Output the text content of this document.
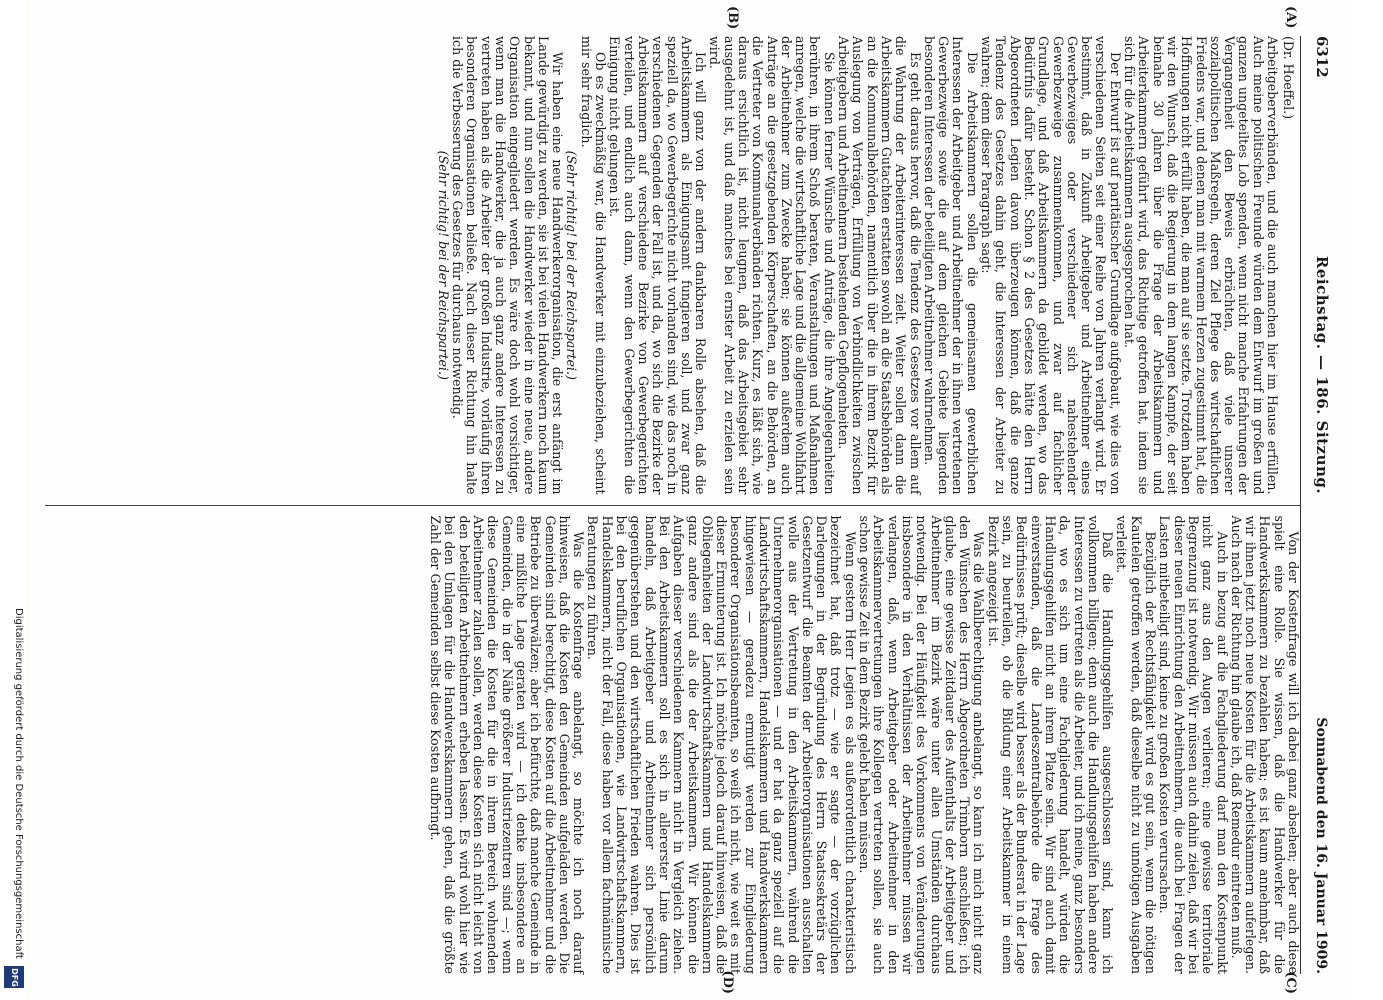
Digitalisierung gefördert durch die Deutsche Forschungsgemeinschaft
DFG
6312
Reichstag. — 186. Sitzung.
Sonnabend den 16. Januar 1909.
(A)
(B)
(Dr. Hoeffel.)

Arbeitgeberverbänden, und die auch manchen hier im Hause erfüllen. Auch meine politischen Freunde würden dem Entwurf im großen und ganzen ungeteiltes Lob spenden, wenn nicht manche Erfahrungen der Vergangenheit den Beweis erbrächten, daß viele unserer sozialpolitischen Maßregeln, deren Ziel Pflege des wirtschaftlichen Friedens war, und denen man mit warmem Herzen zugestimmt hat, die Hoffnungen nicht erfüllt haben, die man auf sie setzte. Trotzdem haben wir den Wunsch, daß die Regierung in dem langen Kampfe, der seit beinahe 30 Jahren über die Frage der Arbeitskammern und Arbeiterkammern geführt wird, das Richtige getroffen hat, indem sie sich für die Arbeitskammern ausgesprochen hat.

Der Entwurf ist auf paritätischer Grundlage aufgebaut, wie dies von verschiedenen Seiten seit einer Reihe von Jahren verlangt wird. Er bestimmt, daß in Zukunft Arbeitgeber und Arbeitnehmer eines Gewerbezweiges oder verschiedener sich nahestehender Gewerbezweige zusammenkommen, und zwar auf fachlicher Grundlage, und daß Arbeitskammern da gebildet werden, wo das Bedürfnis dafür besteht. Schon § 2 des Gesetzes hätte den Herrn Abgeordneten Legien davon überzeugen können, daß die ganze Tendenz des Gesetzes dahin geht, die Interessen der Arbeiter zu wahren; denn dieser Paragraph sagt:

Die Arbeitskammern sollen die gemeinsamen gewerblichen Interessen der Arbeitgeber und Arbeitnehmer der in ihnen vertretenen Gewerbezweige sowie die auf dem gleichen Gebiete liegenden besonderen Interessen der beteiligten Arbeitnehmer wahrnehmen.

Es geht daraus hervor, daß die Tendenz des Gesetzes vor allem auf die Wahrung der Arbeiterinteressen zielt. Weiter sollen dann die Arbeitskammern Gutachten erstatten sowohl an die Staatsbehörden als an die Kommunalbehörden, namentlich über die in ihrem Bezirk für Auslegung von Verträgen, Erfüllung von Verbindlichkeiten zwischen Arbeitgebern und Arbeitnehmern bestehenden Gepflogenheiten.

Sie können ferner Wünsche und Anträge, die ihre Angelegenheiten berühren, in ihrem Schoß beraten, Veranstaltungen und Maßnahmen anregen, welche die wirtschaftliche Lage und die allgemeine Wohlfahrt der Arbeitnehmer zum Zwecke haben; sie können außerdem auch Anträge an die gesetzgebenden Körperschaften, an die Behörden, an die Vertreter von Kommunalverbänden richten. Kurz, es läßt sich, wie daraus ersichtlich ist, nicht leugnen, daß das Arbeitsgebiet sehr ausgedehnt ist, und daß manches bei ernster Arbeit zu erzielen sein wird.

Ich will ganz von der andern dankbaren Rolle absehen, daß die Arbeitskammern als Einigungsamt fungieren soll, und zwar ganz speziell da, wo Gewerbegerichte nicht vorhanden sind, wie das noch in verschiedenen Gegenden der Fall ist, und da, wo sich die Bezirke der Arbeitskammern auf verschiedene Bezirke von Gewerbegerichten verteilen, und endlich auch dann, wenn den Gewerbegerichten die Einigung nicht gelungen ist.

Ob es zweckmäßig war, die Handwerker mit einzubeziehen, scheint mir sehr fraglich.

(Sehr richtig! bei der Reichspartei.)

Wir haben eine neue Handwerkerorganisation, die erst anfängt im Lande gewürdigt zu werden, sie ist bei vielen Handwerkern noch kaum bekannt, und nun sollen die Handwerker wieder in eine neue, andere Organisation eingegliedert werden. Es wäre doch wohl vorsichtiger, wenn man die Handwerker, die ja auch ganz andere Interessen zu vertreten haben als die Arbeiter der großen Industrie, vorläufig ihren besonderen Organisationen beließe. Nach dieser Richtung hin halte ich die Verbesserung des Gesetzes für durchaus notwendig.

(Sehr richtig! bei der Reichspartei.)

(C)
(D)

Von der Kostenfrage will ich dabei ganz absehen; aber auch diese spielt eine Rolle. Sie wissen, daß die Handwerker für die Handwerkskammern zu bezahlen haben; es ist kaum annehmbar, daß wir ihnen jetzt noch neue Kosten für die Arbeitskammern auferlegen. Auch nach der Richtung hin glaube ich, daß Remedur eintreten muß.

Auch in bezug auf die Fachgliederung darf man den Kostenpunkt nicht ganz aus den Augen verlieren; eine gewisse territoriale Begrenzung ist notwendig. Wir müssen auch dahin zielen, daß wir bei dieser neuen Einrichtung den Arbeitnehmern, die auch bei Fragen der Lasten mitbeteiligt sind, keine zu großen Kosten verursachen.

Bezüglich der Rechtsfähigkeit wird es gut sein, wenn die nötigen Kautelen getroffen werden, daß dieselbe nicht zu unnötigen Ausgaben verleitet.

Daß die Handlungsgehilfen ausgeschlossen sind, kann ich vollkommen billigen; denn auch die Handlungsgehilfen haben andere Interessen zu vertreten als die Arbeiter, und ich meine, ganz besonders da, wo es sich um eine Fachgliederung handelt, würden die Handlungsgehilfen nicht an ihrem Platze sein. Wir sind auch damit einverstanden, daß die Landeszentralbehörde die Frage des Bedürfnisses prüft; dieselbe wird besser als der Bundesrat in der Lage sein, zu beurteilen, ob die Bildung einer Arbeitskammer in einem Bezirk angezeigt ist.

Was die Wahlberechtigung anbelangt, so kann ich mich nicht ganz den Wünschen des Herrn Abgeordneten Trimborn anschließen; ich glaube, eine gewisse Zeitdauer des Aufenthalts der Arbeitgeber und Arbeitnehmer im Bezirk wäre unter allen Umständen durchaus notwendig. Bei der Häufigkeit des Vorkommens von Veränderungen insbesondere in den Verhältnissen der Arbeitnehmer müssen wir verlangen, daß, wenn Arbeitgeber oder Arbeitnehmer in den Arbeitskammervertretungen ihre Kollegen vertreten sollen, sie auch schon gewisse Zeit in dem Bezirk gelebt haben müssen.

Wenn gestern Herr Legien es als außerordentlich charakteristisch bezeichnet hat, daß trotz — wie er sagte — der vorzüglichen Darlegungen in der Begründung des Herrn Staatssekretärs der Gesetzentwurf die Beamten der Arbeiterorganisationen ausschalten wolle aus der Vertretung in den Arbeitskammern, während die Unternehmerorganisationen — und er hat da ganz speziell auf die Landwirtschaftskammern, Handelskammern und Handwerkskammern hingewiesen — geradezu ermutigt werden zur Eingliederung besonderer Organisationsbeamten, so weiß ich nicht, wie weit es mit dieser Ermunterung ist. Ich möchte jedoch darauf hinweisen, daß die Obliegenheiten der Landwirtschaftskammern und Handelskammern ganz andere sind als die der Arbeitskammern. Wir können die Aufgaben dieser verschiedenen Kammern nicht in Vergleich ziehen. Bei den Arbeitskammern soll es sich in allererster Linie darum handeln, daß Arbeitgeber und Arbeitnehmer sich persönlich gegenüberstehen und den wirtschaftlichen Frieden wahren. Dies ist bei den beruflichen Organisationen, wie Landwirtschaftskammern, Handelskammern, nicht der Fall, diese haben vor allem fachmännische Beratungen zu führen.

Was die Kostenfrage anbelangt, so möchte ich noch darauf hinweisen, daß die Kosten den Gemeinden aufgeladen werden. Die Gemeinden sind berechtigt, diese Kosten auf die Arbeitnehmer und die Betriebe zu überwälzen; aber ich befürchte, daß manche Gemeinde in eine mißliche Lage geraten wird — ich denke insbesondere an Gemeinden, die in der Nähe größerer Industriezentren sind —; wenn diese Gemeinden die Kosten für die in ihrem Bereich wohnenden Arbeitnehmer zahlen sollen, werden diese Kosten sich nicht leicht von den beteiligten Arbeitnehmern erheben lassen. Es wird wohl hier wie bei den Umlagen für die Handwerkskammern gehen, daß die größte Zahl der Gemeinden selbst diese Kosten aufbringt.
